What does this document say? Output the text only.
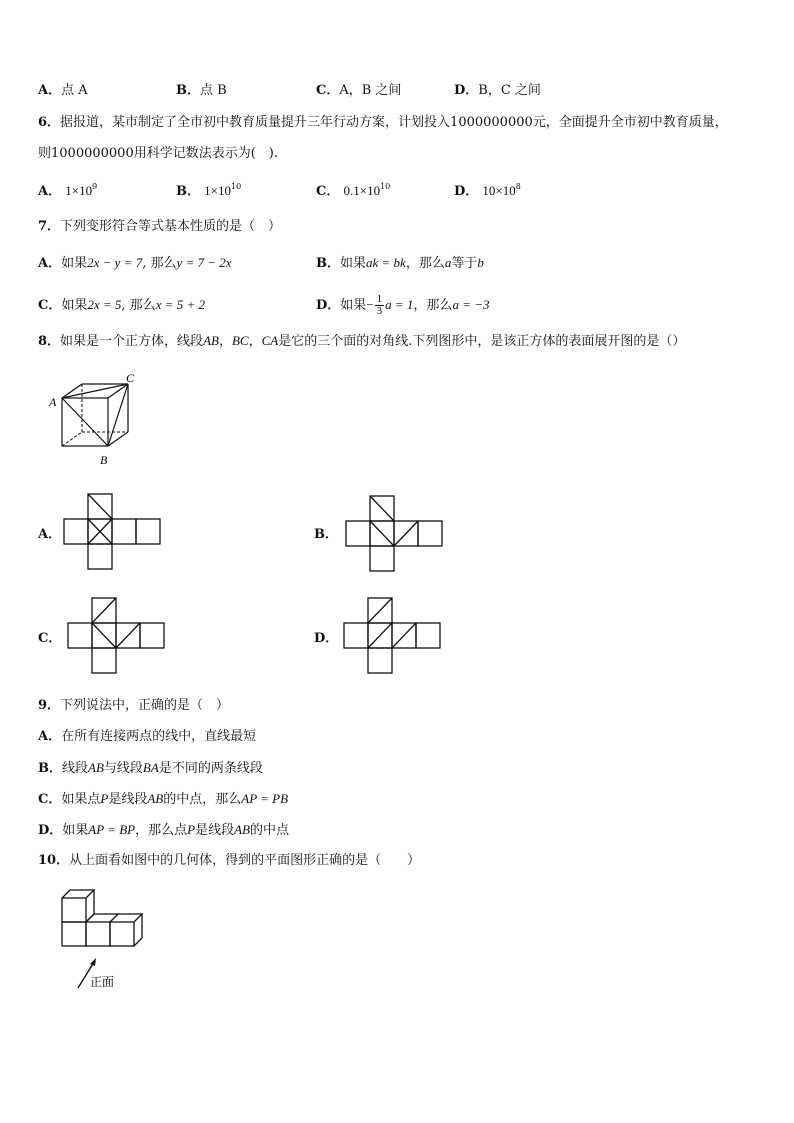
A．点 A	B．点 B	C．A，B 之间	D．B，C 之间
6．据报道，某市制定了全市初中教育质量提升三年行动方案，计划投入1000000000元，全面提升全市初中教育质量，
则1000000000用科学记数法表示为(　).
A． $1\times 10^9$	B． $1\times 10^{10}$	C． $0.1\times 10^{10}$	D． $10\times 10^8$
7．下列变形符合等式基本性质的是（　）
A．如果2x − y = 7, 那么y = 7 − 2x	B．如果ak = bk，那么a等于b
C．如果2x = 5, 那么x = 5 + 2	D．如果− $\frac{1}{3}$ a = 1，那么a = −3
8．如果是一个正方体，线段AB，BC，CA是它的三个面的对角线.下列图形中，是该正方体的表面展开图的是（）
A
C
B
A．	B．
C．	D．
9．下列说法中，正确的是（　）
A．在所有连接两点的线中，直线最短
B．线段AB与线段BA是不同的两条线段
C．如果点P是线段AB的中点，那么AP = PB
D．如果AP = BP，那么点P是线段AB的中点
10．从上面看如图中的几何体，得到的平面图形正确的是（　　）
正面
